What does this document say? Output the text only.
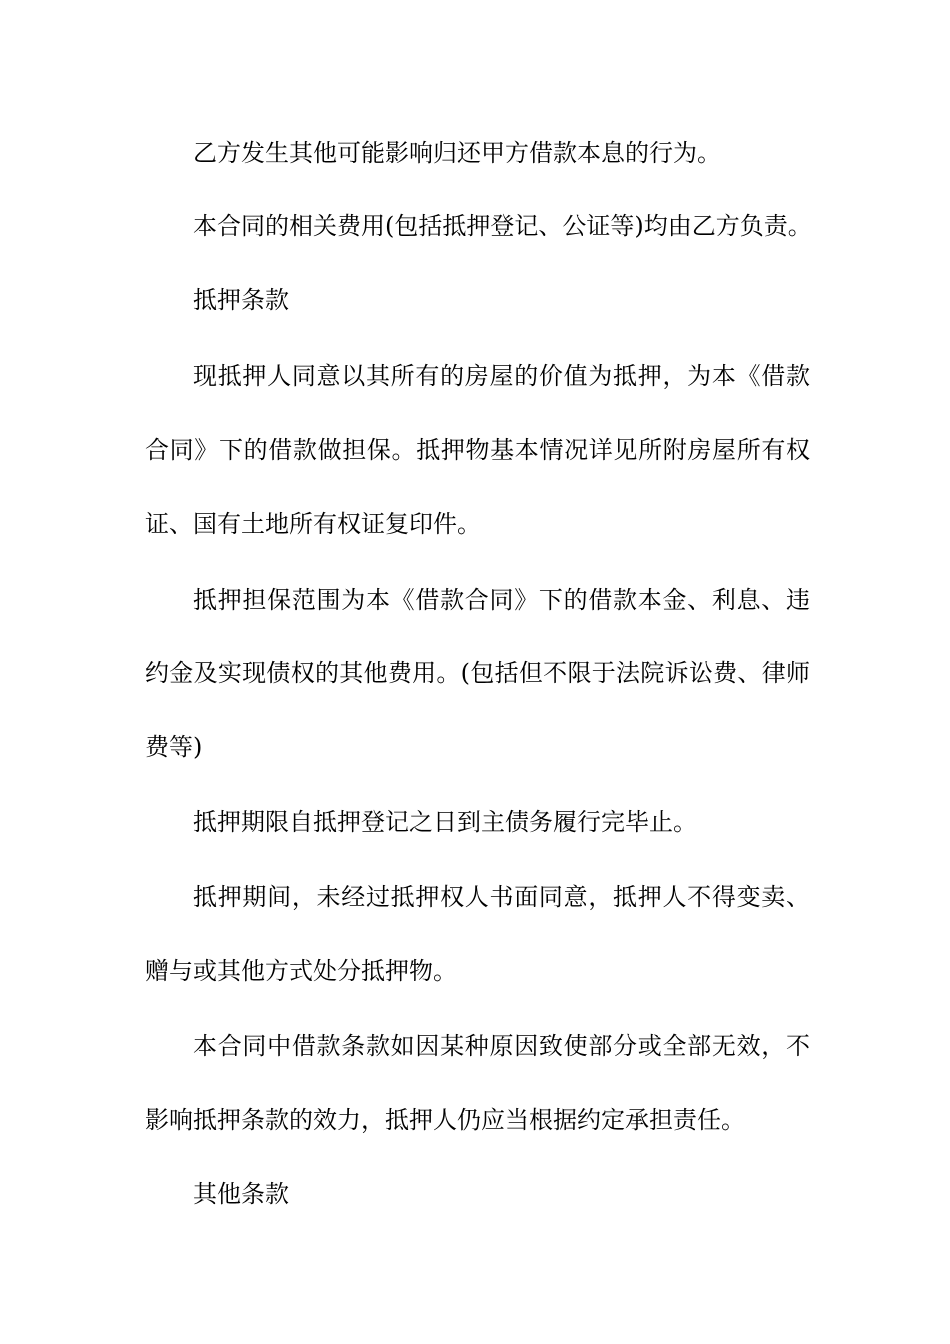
乙方发生其他可能影响归还甲方借款本息的行为。
本合同的相关费用(包括抵押登记、公证等)均由乙方负责。
抵押条款
现抵押人同意以其所有的房屋的价值为抵押，为本《借款
合同》下的借款做担保。抵押物基本情况详见所附房屋所有权
证、国有土地所有权证复印件。
抵押担保范围为本《借款合同》下的借款本金、利息、违
约金及实现债权的其他费用。(包括但不限于法院诉讼费、律师
费等)
抵押期限自抵押登记之日到主债务履行完毕止。
抵押期间，未经过抵押权人书面同意，抵押人不得变卖、
赠与或其他方式处分抵押物。
本合同中借款条款如因某种原因致使部分或全部无效，不
影响抵押条款的效力，抵押人仍应当根据约定承担责任。
其他条款
